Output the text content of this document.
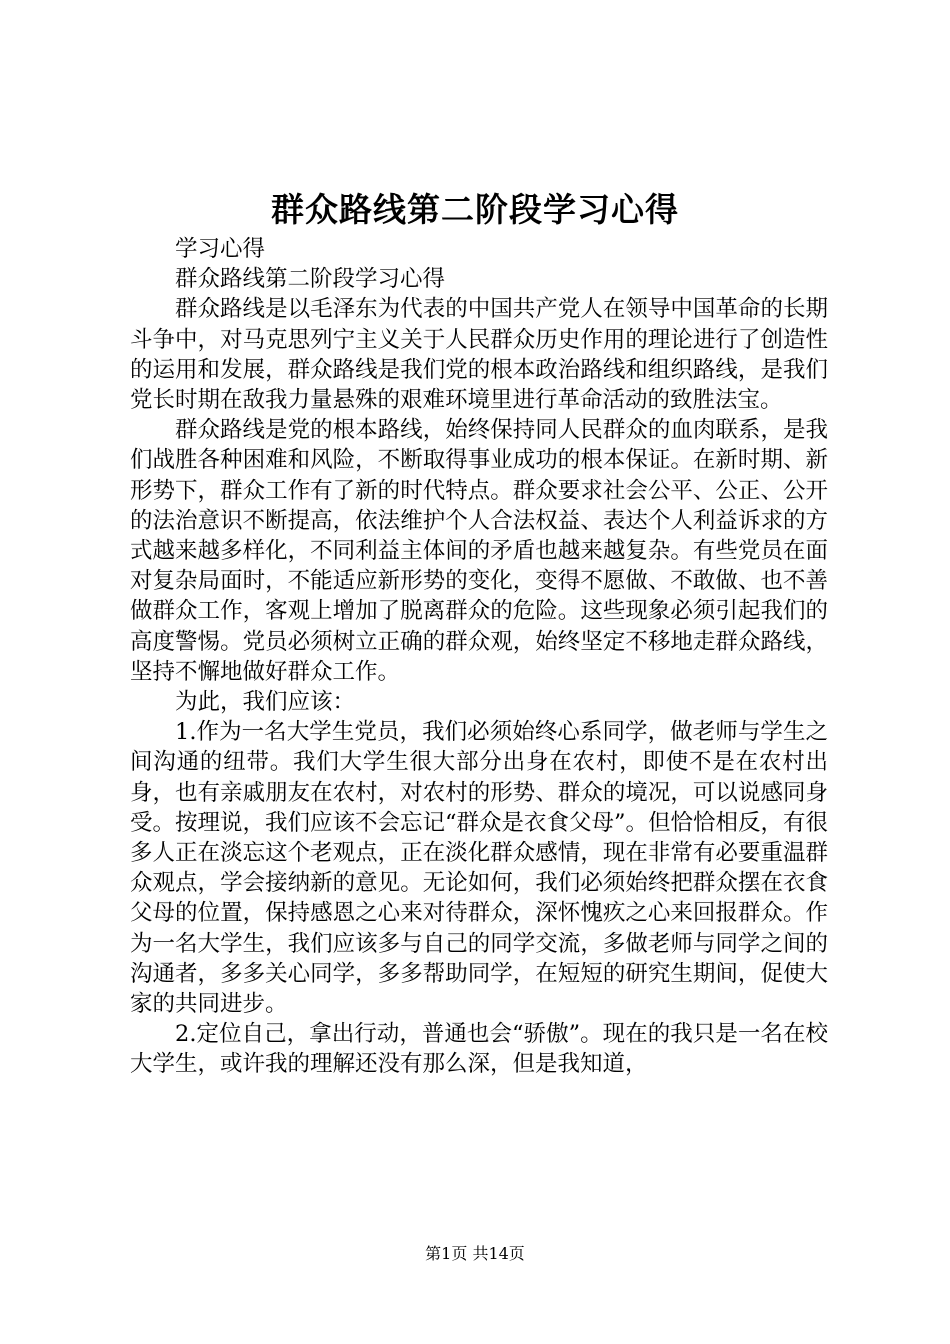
群众路线第二阶段学习心得

学习心得

群众路线第二阶段学习心得

群众路线是以毛泽东为代表的中国共产党人在领导中国革命的长期斗争中，对马克思列宁主义关于人民群众历史作用的理论进行了创造性的运用和发展，群众路线是我们党的根本政治路线和组织路线，是我们党长时期在敌我力量悬殊的艰难环境里进行革命活动的致胜法宝。

群众路线是党的根本路线，始终保持同人民群众的血肉联系，是我们战胜各种困难和风险，不断取得事业成功的根本保证。在新时期、新形势下，群众工作有了新的时代特点。群众要求社会公平、公正、公开的法治意识不断提高，依法维护个人合法权益、表达个人利益诉求的方式越来越多样化，不同利益主体间的矛盾也越来越复杂。有些党员在面对复杂局面时，不能适应新形势的变化，变得不愿做、不敢做、也不善做群众工作，客观上增加了脱离群众的危险。这些现象必须引起我们的高度警惕。党员必须树立正确的群众观，始终坚定不移地走群众路线，坚持不懈地做好群众工作。

为此，我们应该：

1.作为一名大学生党员，我们必须始终心系同学，做老师与学生之间沟通的纽带。我们大学生很大部分出身在农村，即使不是在农村出身，也有亲戚朋友在农村，对农村的形势、群众的境况，可以说感同身受。按理说，我们应该不会忘记“群众是衣食父母”。但恰恰相反，有很多人正在淡忘这个老观点，正在淡化群众感情，现在非常有必要重温群众观点，学会接纳新的意见。无论如何，我们必须始终把群众摆在衣食父母的位置，保持感恩之心来对待群众，深怀愧疚之心来回报群众。作为一名大学生，我们应该多与自己的同学交流，多做老师与同学之间的沟通者，多多关心同学，多多帮助同学，在短短的研究生期间，促使大家的共同进步。

2.定位自己，拿出行动，普通也会“骄傲”。现在的我只是一名在校大学生，或许我的理解还没有那么深，但是我知道，

第1页 共14页
